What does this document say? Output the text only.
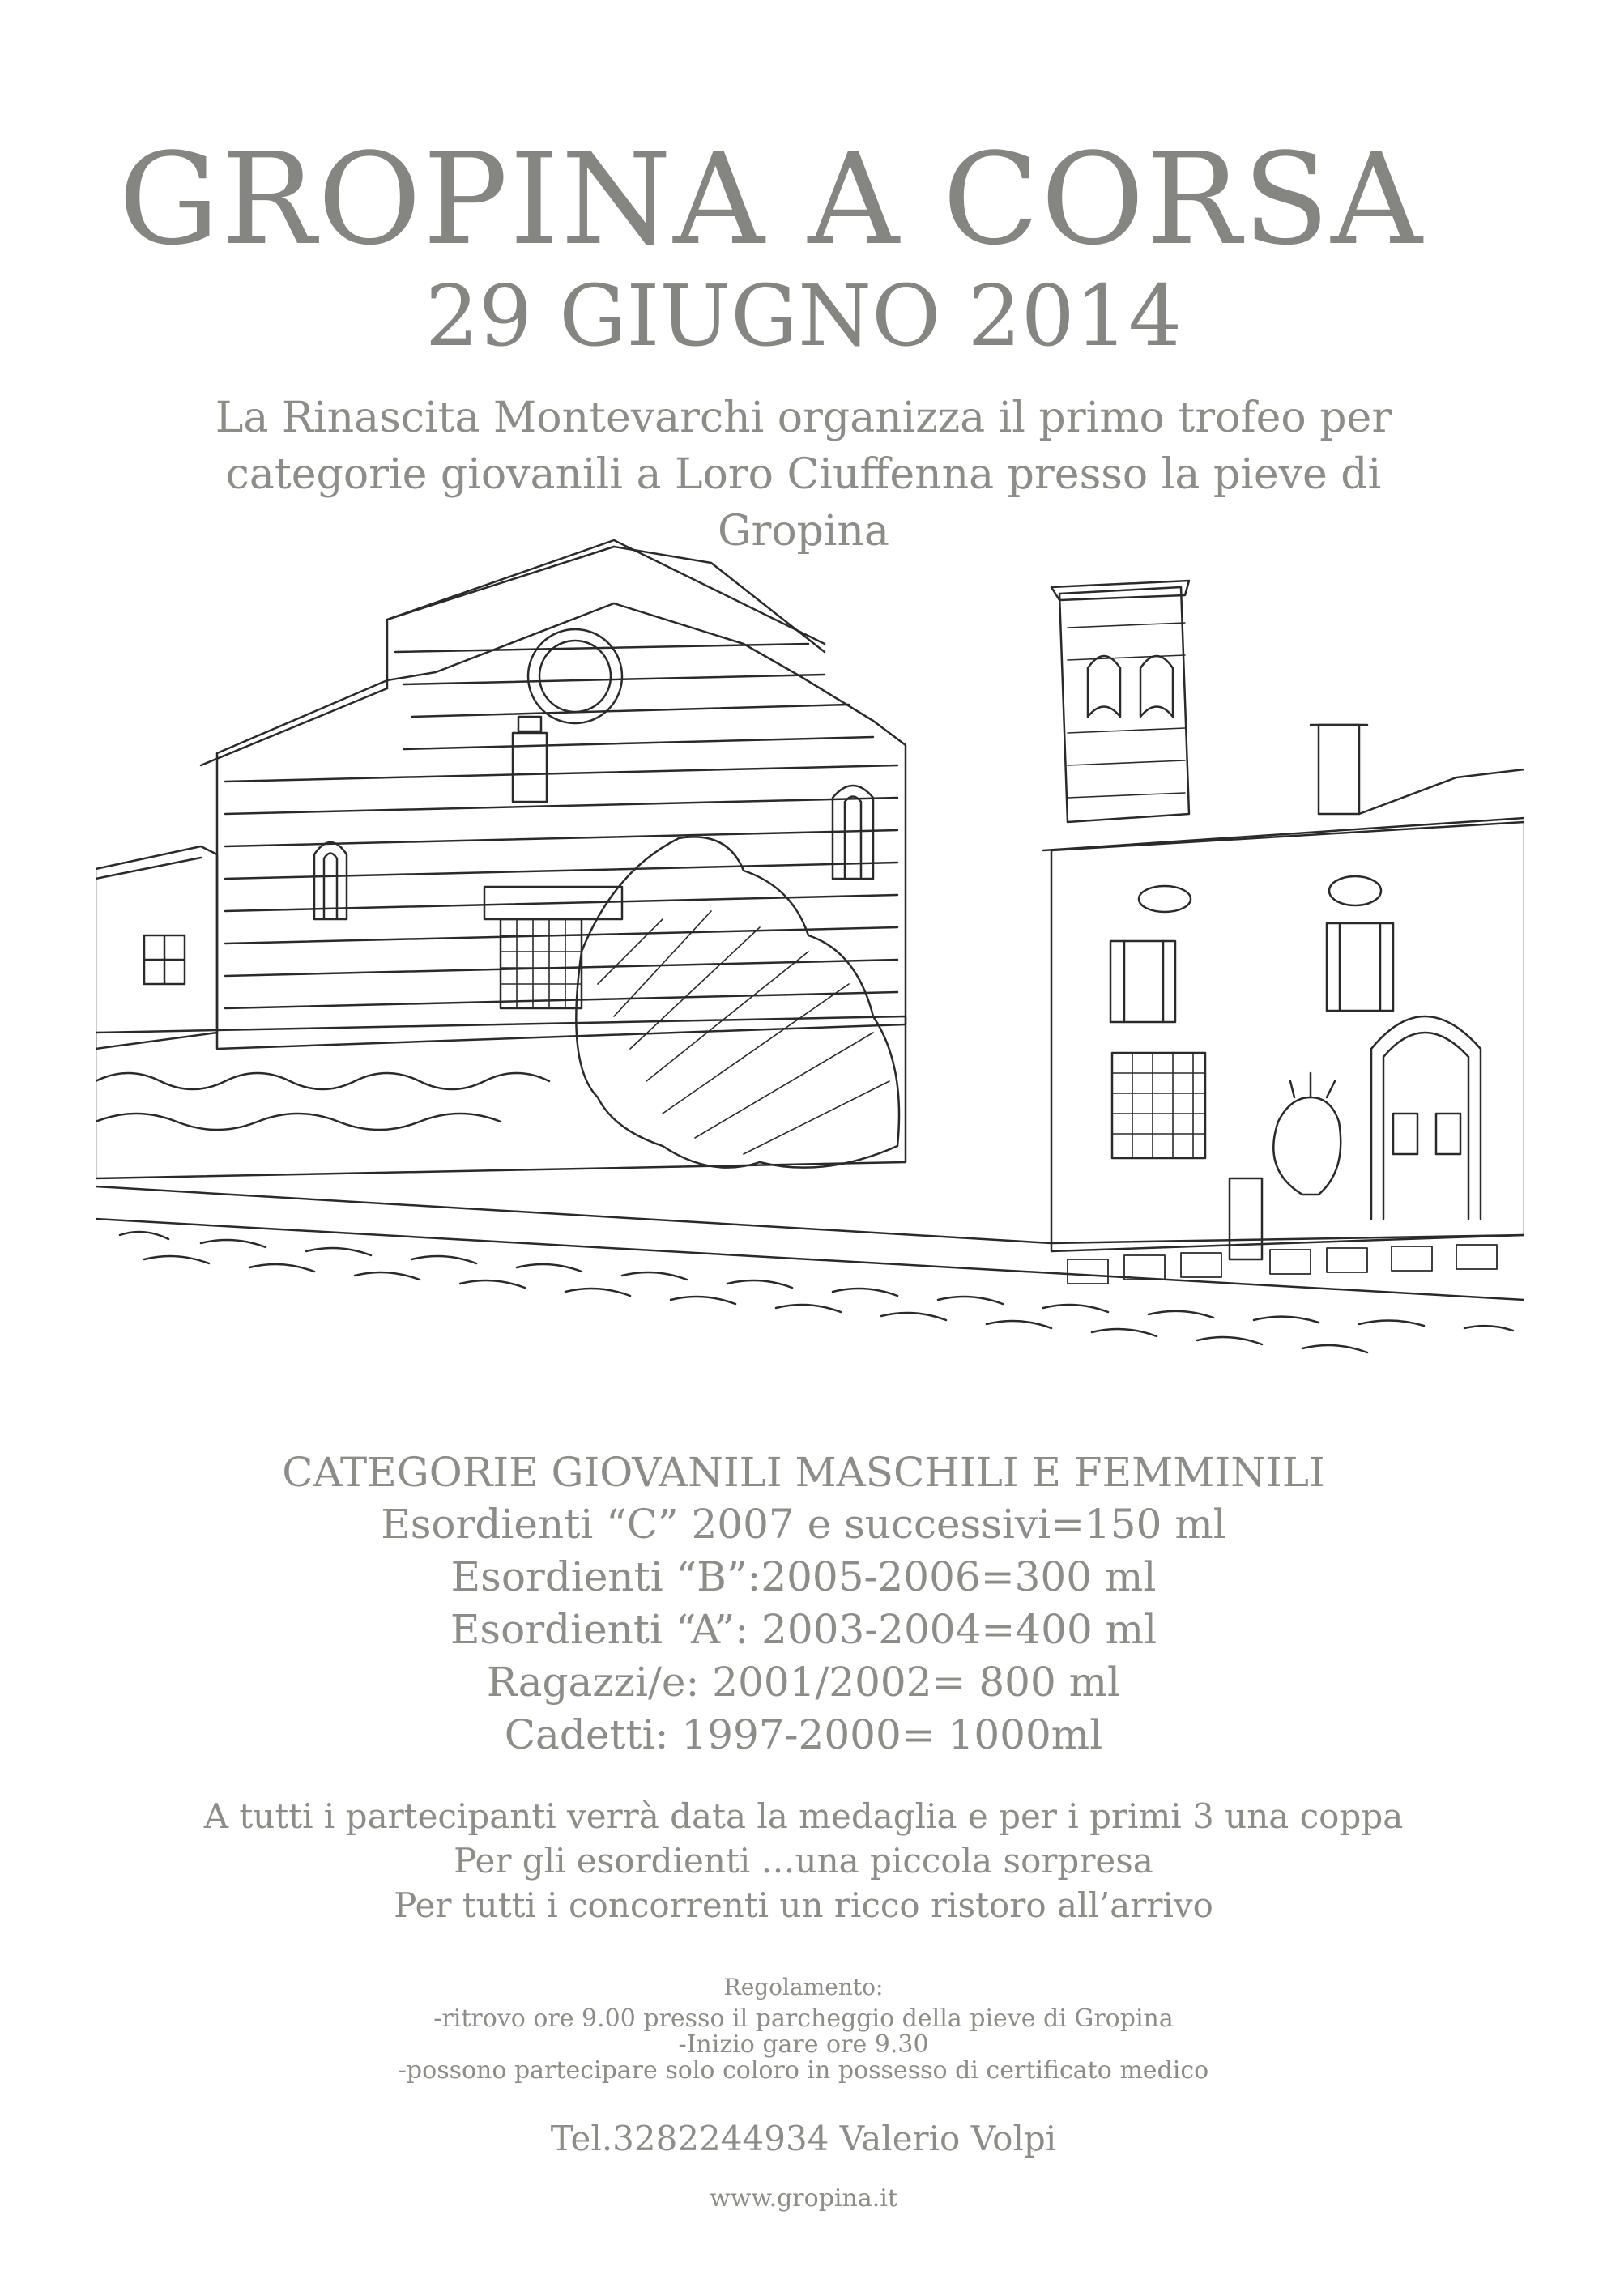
GROPINA A CORSA
29 GIUGNO 2014
La Rinascita Montevarchi organizza il primo trofeo per
categorie giovanili a Loro Ciuffenna presso la pieve di
Gropina
CATEGORIE GIOVANILI MASCHILI E FEMMINILI
Esordienti “C” 2007 e successivi=150 ml
Esordienti “B”:2005-2006=300 ml
Esordienti “A”: 2003-2004=400 ml
Ragazzi/e: 2001/2002= 800 ml
Cadetti: 1997-2000= 1000ml
A tutti i partecipanti verrà data la medaglia e per i primi 3 una coppa
Per gli esordienti …una piccola sorpresa
Per tutti i concorrenti un ricco ristoro all’arrivo
Regolamento:
-ritrovo ore 9.00 presso il parcheggio della pieve di Gropina
-Inizio gare ore 9.30
-possono partecipare solo coloro in possesso di certificato medico
Tel.3282244934 Valerio Volpi
www.gropina.it
